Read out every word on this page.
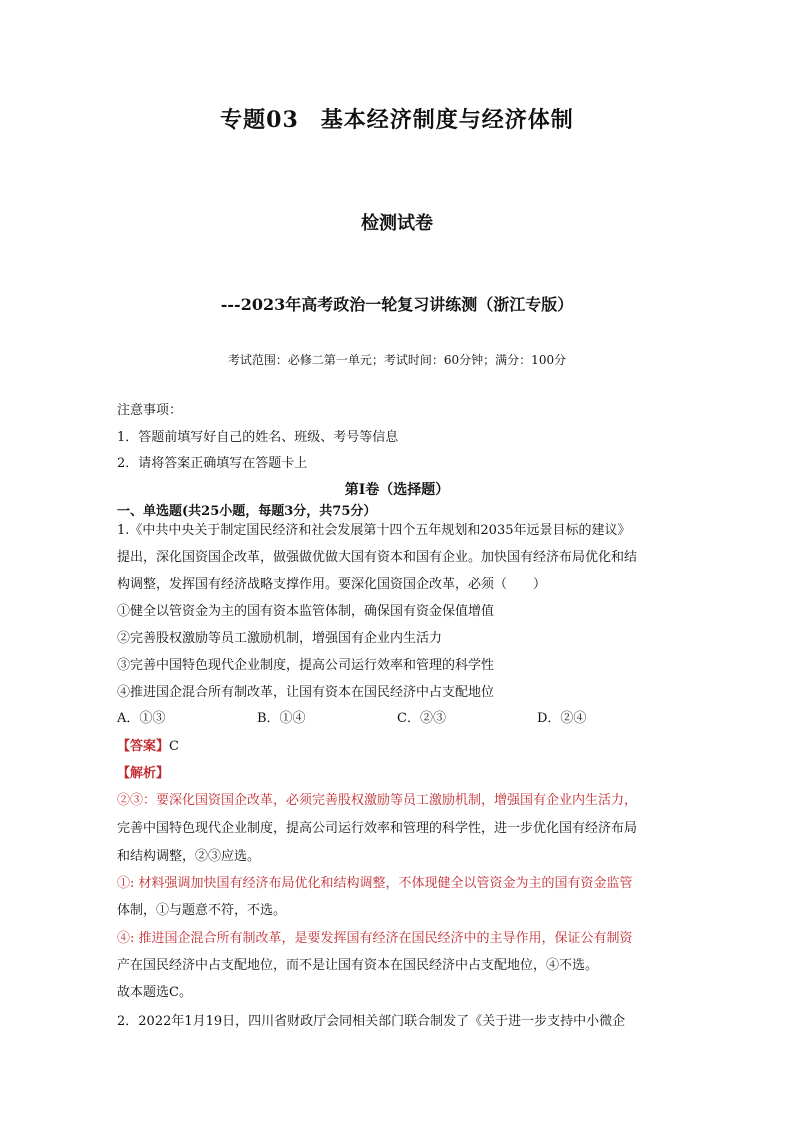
专题03 基本经济制度与经济体制
检测试卷
---2023年高考政治一轮复习讲练测（浙江专版）
考试范围：必修二第一单元；考试时间：60分钟；满分：100分
注意事项：
1．答题前填写好自己的姓名、班级、考号等信息
2．请将答案正确填写在答题卡上
第I卷（选择题）
一、单选题(共25小题，每题3分，共75分）
1.《中共中央关于制定国民经济和社会发展第十四个五年规划和2035年远景目标的建议》
提出，深化国资国企改革，做强做优做大国有资本和国有企业。加快国有经济布局优化和结
构调整，发挥国有经济战略支撑作用。要深化国资国企改革，必须（　　）
①健全以管资金为主的国有资本监管体制，确保国有资金保值增值
②完善股权激励等员工激励机制，增强国有企业内生活力
③完善中国特色现代企业制度，提高公司运行效率和管理的科学性
④推进国企混合所有制改革，让国有资本在国民经济中占支配地位
A．①③	B．①④	C．②③	D．②④
【答案】C
【解析】
②③：要深化国资国企改革，必须完善股权激励等员工激励机制，增强国有企业内生活力，
完善中国特色现代企业制度，提高公司运行效率和管理的科学性，进一步优化国有经济布局
和结构调整，②③应选。
①: 材料强调加快国有经济布局优化和结构调整，不体现健全以管资金为主的国有资金监管
体制，①与题意不符，不选。
④: 推进国企混合所有制改革，是要发挥国有经济在国民经济中的主导作用，保证公有制资
产在国民经济中占支配地位，而不是让国有资本在国民经济中占支配地位，④不选。
故本题选C。
2．2022年1月19日，四川省财政厅会同相关部门联合制发了《关于进一步支持中小微企
